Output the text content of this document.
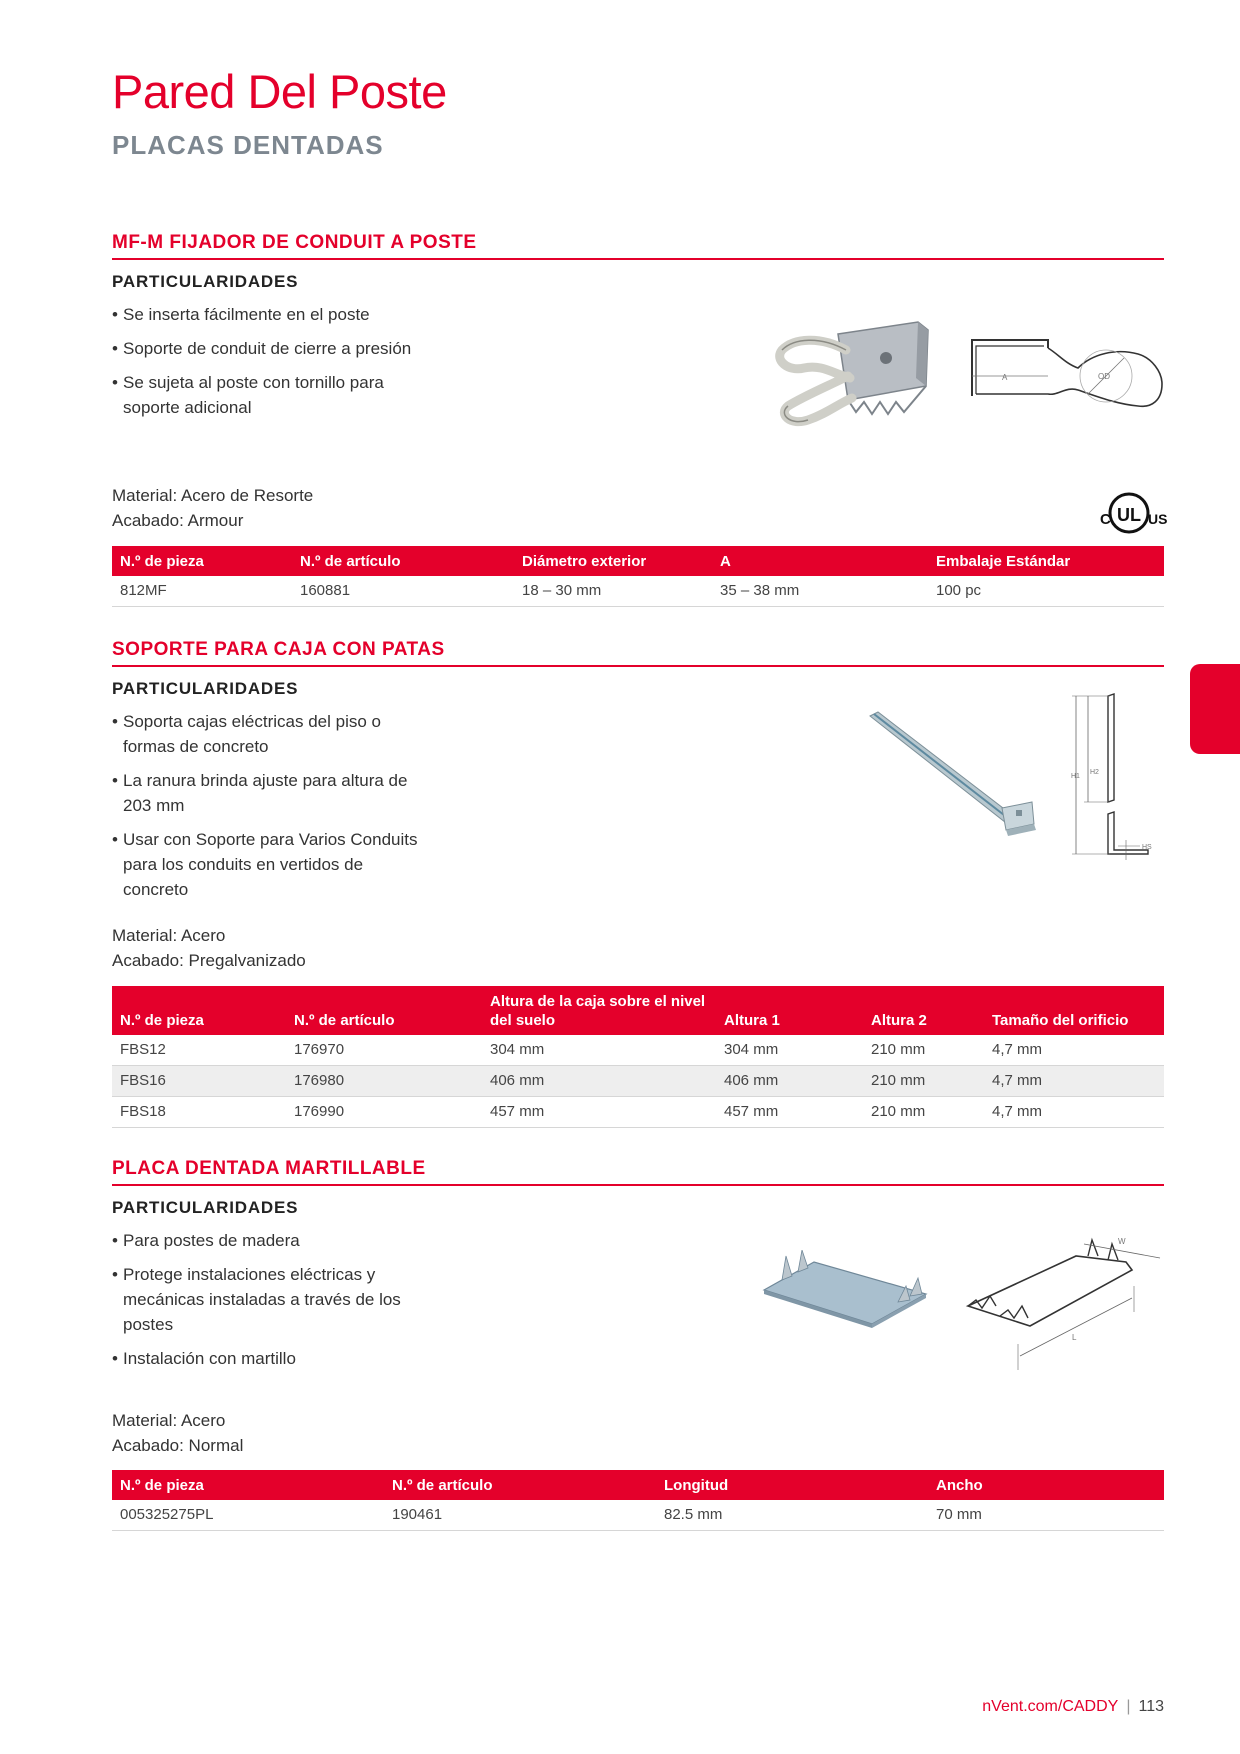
Pared Del Poste
PLACAS DENTADAS
MF-M FIJADOR DE CONDUIT A POSTE
PARTICULARIDADES
• Se inserta fácilmente en el poste
• Soporte de conduit de cierre a presión
• Se sujeta al poste con tornillo para soporte adicional
Material: Acero de Resorte
Acabado: Armour
A	OD
C UL US
N.º de pieza	N.º de artículo	Diámetro exterior	A	Embalaje Estándar
812MF	160881	18 – 30 mm	35 – 38 mm	100 pc
SOPORTE PARA CAJA CON PATAS
PARTICULARIDADES
• Soporta cajas eléctricas del piso o formas de concreto
• La ranura brinda ajuste para altura de 203 mm
• Usar con Soporte para Varios Conduits para los conduits en vertidos de concreto
Material: Acero
Acabado: Pregalvanizado
H1
H2
HS
N.º de pieza	N.º de artículo	Altura de la caja sobre el nivel del suelo	Altura 1	Altura 2	Tamaño del orificio
FBS12	176970	304 mm	304 mm	210 mm	4,7 mm
FBS16	176980	406 mm	406 mm	210 mm	4,7 mm
FBS18	176990	457 mm	457 mm	210 mm	4,7 mm
PLACA DENTADA MARTILLABLE
PARTICULARIDADES
• Para postes de madera
• Protege instalaciones eléctricas y mecánicas instaladas a través de los postes
• Instalación con martillo
Material: Acero
Acabado: Normal
W
L
N.º de pieza	N.º de artículo	Longitud	Ancho
005325275PL	190461	82.5 mm	70 mm
nVent.com/CADDY | 113
